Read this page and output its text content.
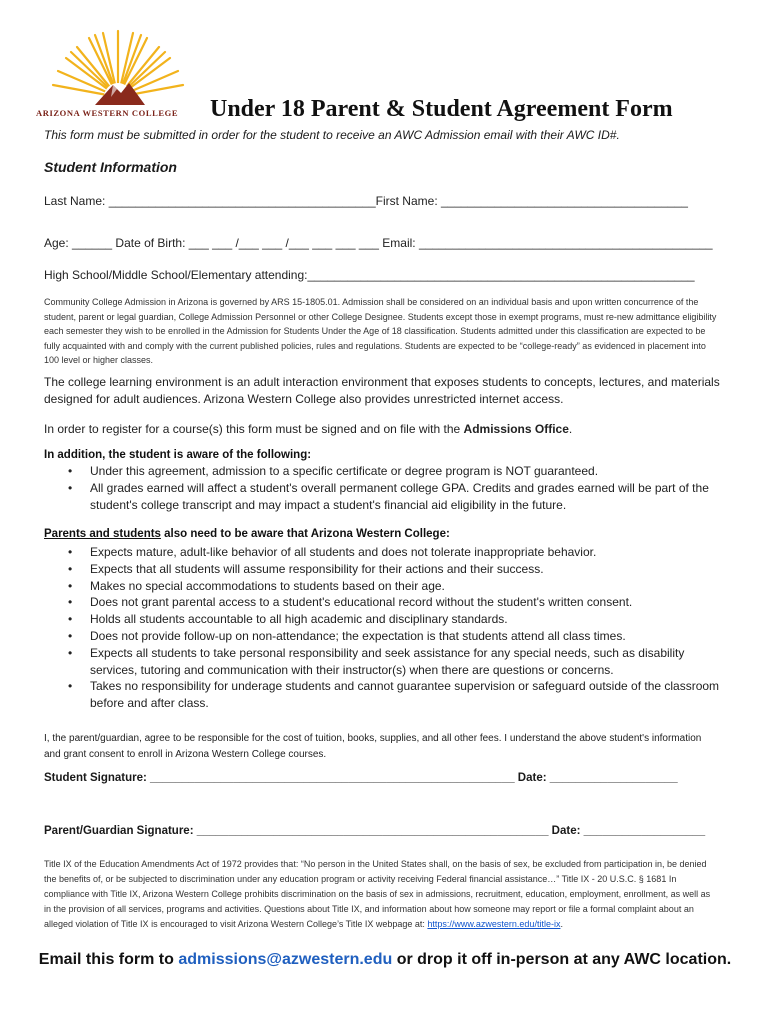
ARIZONA WESTERN COLLEGE Under 18 Parent & Student Agreement Form
This form must be submitted in order for the student to receive an AWC Admission email with their AWC ID#.
Student Information
Last Name: ________________________________________First Name: _____________________________________
Age: ______ Date of Birth: ___ ___ /___ ___ /___ ___ ___ ___ Email: ____________________________________________
High School/Middle School/Elementary attending:__________________________________________________________

Community College Admission in Arizona is governed by ARS 15-1805.01. Admission shall be considered on an individual basis and upon written concurrence of the student, parent or legal guardian, College Admission Personnel or other College Designee. Students except those in exempt programs, must re-new admittance eligibility each semester they wish to be enrolled in the Admission for Students Under the Age of 18 classification. Students admitted under this classification are expected to be fully acquainted with and comply with the current published policies, rules and regulations. Students are expected to be “college-ready” as evidenced in placement into 100 level or higher classes.

The college learning environment is an adult interaction environment that exposes students to concepts, lectures, and materials designed for adult audiences. Arizona Western College also provides unrestricted internet access.

In order to register for a course(s) this form must be signed and on file with the Admissions Office.

In addition, the student is aware of the following:
• Under this agreement, admission to a specific certificate or degree program is NOT guaranteed.
• All grades earned will affect a student's overall permanent college GPA. Credits and grades earned will be part of the student's college transcript and may impact a student's financial aid eligibility in the future.
Parents and students also need to be aware that Arizona Western College:
• Expects mature, adult-like behavior of all students and does not tolerate inappropriate behavior.
• Expects that all students will assume responsibility for their actions and their success.
• Makes no special accommodations to students based on their age.
• Does not grant parental access to a student's educational record without the student's written consent.
• Holds all students accountable to all high academic and disciplinary standards.
• Does not provide follow-up on non-attendance; the expectation is that students attend all class times.
• Expects all students to take personal responsibility and seek assistance for any special needs, such as disability services, tutoring and communication with their instructor(s) when there are questions or concerns.
• Takes no responsibility for underage students and cannot guarantee supervision or safeguard outside of the classroom before and after class.

I, the parent/guardian, agree to be responsible for the cost of tuition, books, supplies, and all other fees. I understand the above student's information and grant consent to enroll in Arizona Western College courses.

Student Signature: _________________________________________________________ Date: ____________________
Parent/Guardian Signature: _______________________________________________________ Date: ___________________

Title IX of the Education Amendments Act of 1972 provides that: “No person in the United States shall, on the basis of sex, be excluded from participation in, be denied the benefits of, or be subjected to discrimination under any education program or activity receiving Federal financial assistance…” Title IX - 20 U.S.C. § 1681 In compliance with Title IX, Arizona Western College prohibits discrimination on the basis of sex in admissions, recruitment, education, employment, enrollment, as well as in the provision of all services, programs and activities. Questions about Title IX, and information about how someone may report or file a formal complaint about an alleged violation of Title IX is encouraged to visit Arizona Western College’s Title IX webpage at: https://www.azwestern.edu/title-ix.

Email this form to admissions@azwestern.edu or drop it off in-person at any AWC location.
